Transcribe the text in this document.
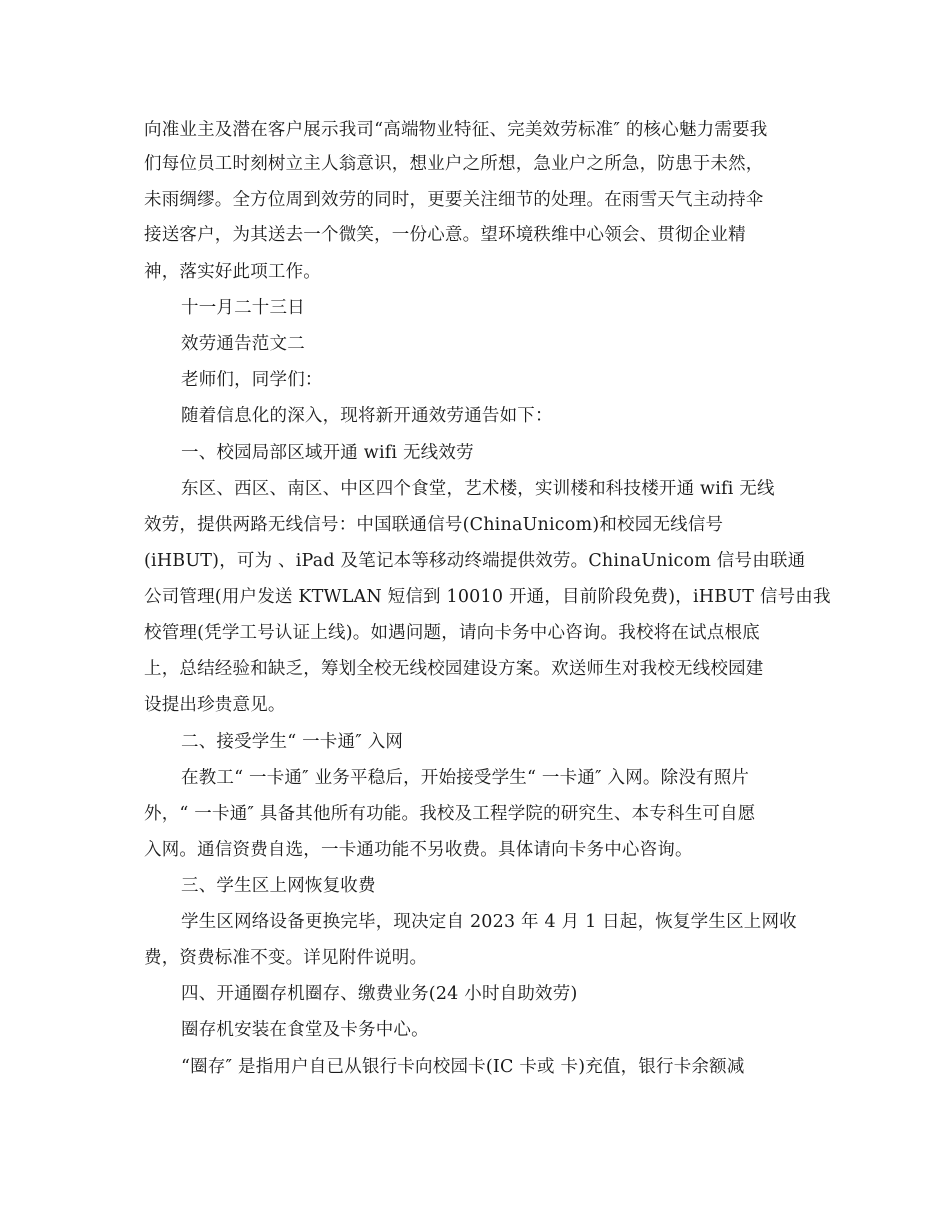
向准业主及潜在客户展示我司“高端物业特征、完美效劳标准″ 的核心魅力需要我
们每位员工时刻树立主人翁意识，想业户之所想，急业户之所急，防患于未然，
未雨绸缪。全方位周到效劳的同时，更要关注细节的处理。在雨雪天气主动持伞
接送客户，为其送去一个微笑，一份心意。望环境秩维中心领会、贯彻企业精
神，落实好此项工作。
十一月二十三日
效劳通告范文二
老师们，同学们：
随着信息化的深入，现将新开通效劳通告如下：
一、校园局部区域开通 wifi 无线效劳
东区、西区、南区、中区四个食堂，艺术楼，实训楼和科技楼开通 wifi 无线
效劳，提供两路无线信号：中国联通信号(ChinaUnicom)和校园无线信号
(iHBUT)，可为 、iPad 及笔记本等移动终端提供效劳。ChinaUnicom 信号由联通
公司管理(用户发送 KTWLAN 短信到 10010 开通，目前阶段免费)，iHBUT 信号由我
校管理(凭学工号认证上线)。如遇问题，请向卡务中心咨询。我校将在试点根底
上，总结经验和缺乏，筹划全校无线校园建设方案。欢送师生对我校无线校园建
设提出珍贵意见。
二、接受学生“ 一卡通″ 入网
在教工“ 一卡通″ 业务平稳后，开始接受学生“ 一卡通″ 入网。除没有照片
外，“ 一卡通″ 具备其他所有功能。我校及工程学院的研究生、本专科生可自愿
入网。通信资费自选，一卡通功能不另收费。具体请向卡务中心咨询。
三、学生区上网恢复收费
学生区网络设备更换完毕，现决定自 2023 年 4 月 1 日起，恢复学生区上网收
费，资费标准不变。详见附件说明。
四、开通圈存机圈存、缴费业务(24 小时自助效劳)
圈存机安装在食堂及卡务中心。
“圈存″ 是指用户自已从银行卡向校园卡(IC 卡或 卡)充值，银行卡余额减
